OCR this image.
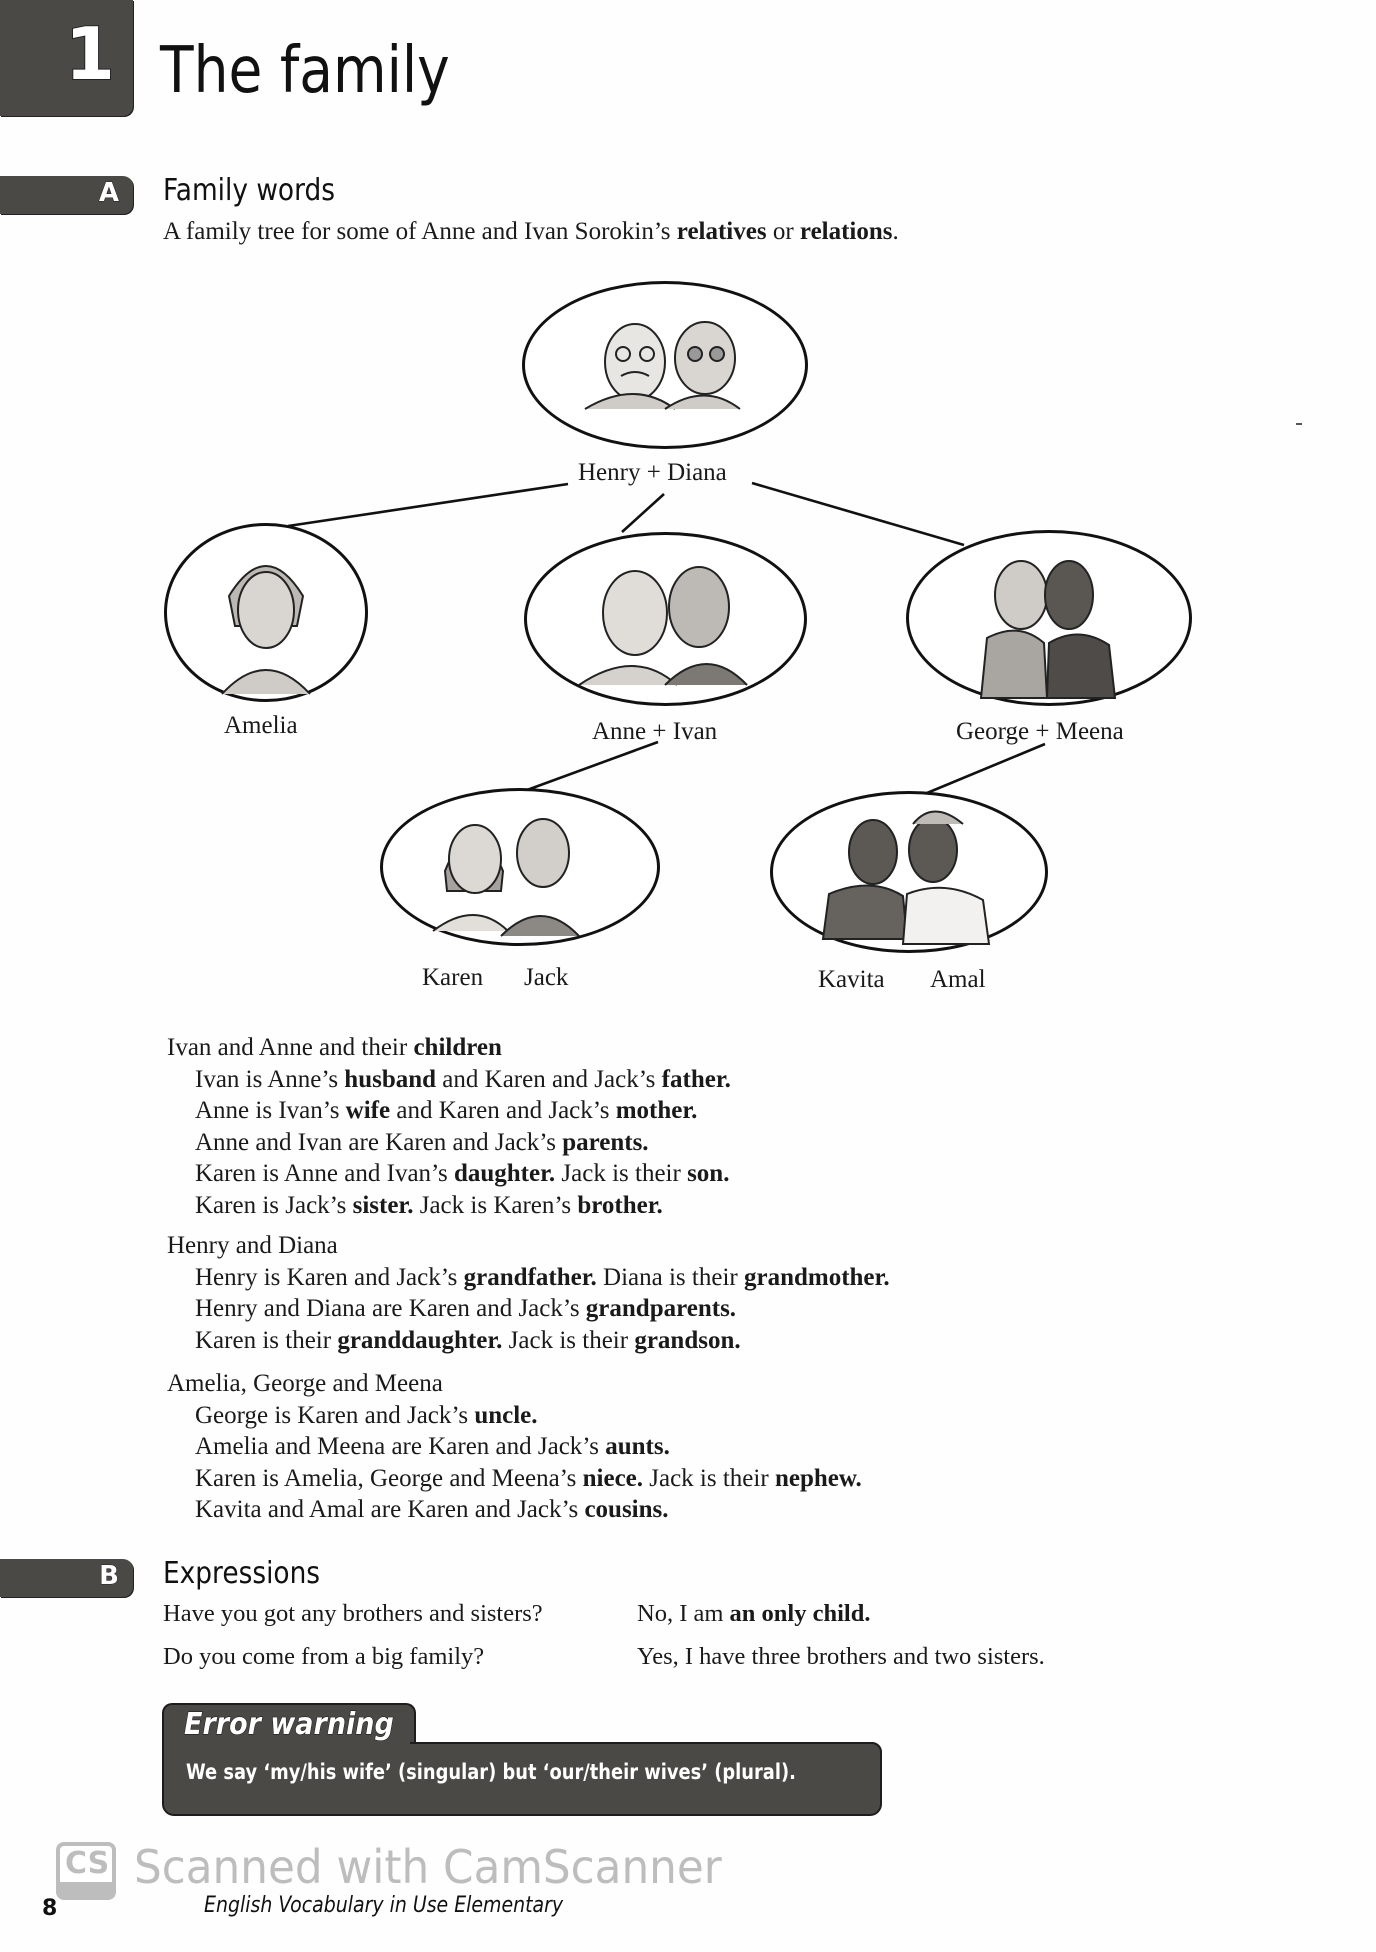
1 The family
A Family words
A family tree for some of Anne and Ivan Sorokin’s relatives or relations.
Henry + Diana
Amelia	Anne + Ivan	George + Meena
Karen Jack	Kavita Amal
Ivan and Anne and their children
Ivan is Anne’s husband and Karen and Jack’s father.
Anne is Ivan’s wife and Karen and Jack’s mother.
Anne and Ivan are Karen and Jack’s parents.
Karen is Anne and Ivan’s daughter. Jack is their son.
Karen is Jack’s sister. Jack is Karen’s brother.
Henry and Diana
Henry is Karen and Jack’s grandfather. Diana is their grandmother.
Henry and Diana are Karen and Jack’s grandparents.
Karen is their granddaughter. Jack is their grandson.
Amelia, George and Meena
George is Karen and Jack’s uncle.
Amelia and Meena are Karen and Jack’s aunts.
Karen is Amelia, George and Meena’s niece. Jack is their nephew.
Kavita and Amal are Karen and Jack’s cousins.
B Expressions
Have you got any brothers and sisters?	No, I am an only child.
Do you come from a big family?	Yes, I have three brothers and two sisters.
Error warning
We say ‘my/his wife’ (singular) but ‘our/their wives’ (plural).
CS Scanned with CamScanner
8	English Vocabulary in Use Elementary
